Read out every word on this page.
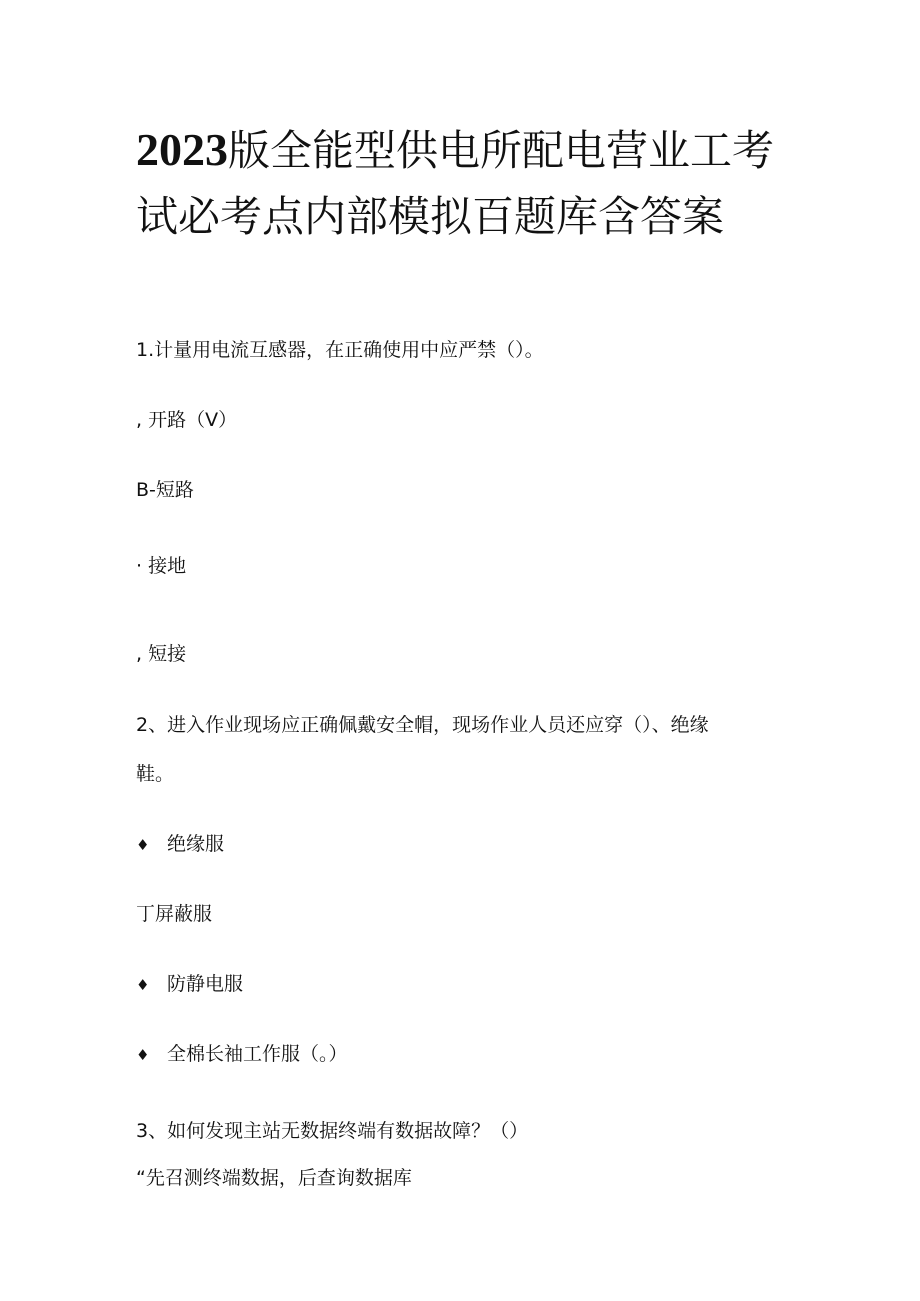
2023版全能型供电所配电营业工考
试必考点内部模拟百题库含答案
1.计量用电流互感器，在正确使用中应严禁（）。
, 开路（V）
B-短路
· 接地
, 短接
2、进入作业现场应正确佩戴安全帽，现场作业人员还应穿（）、绝缘
鞋。
♦ 绝缘服
丁屏蔽服
♦ 防静电服
♦ 全棉长袖工作服（。）
3、如何发现主站无数据终端有数据故障？（）
“先召测终端数据，后查询数据库
